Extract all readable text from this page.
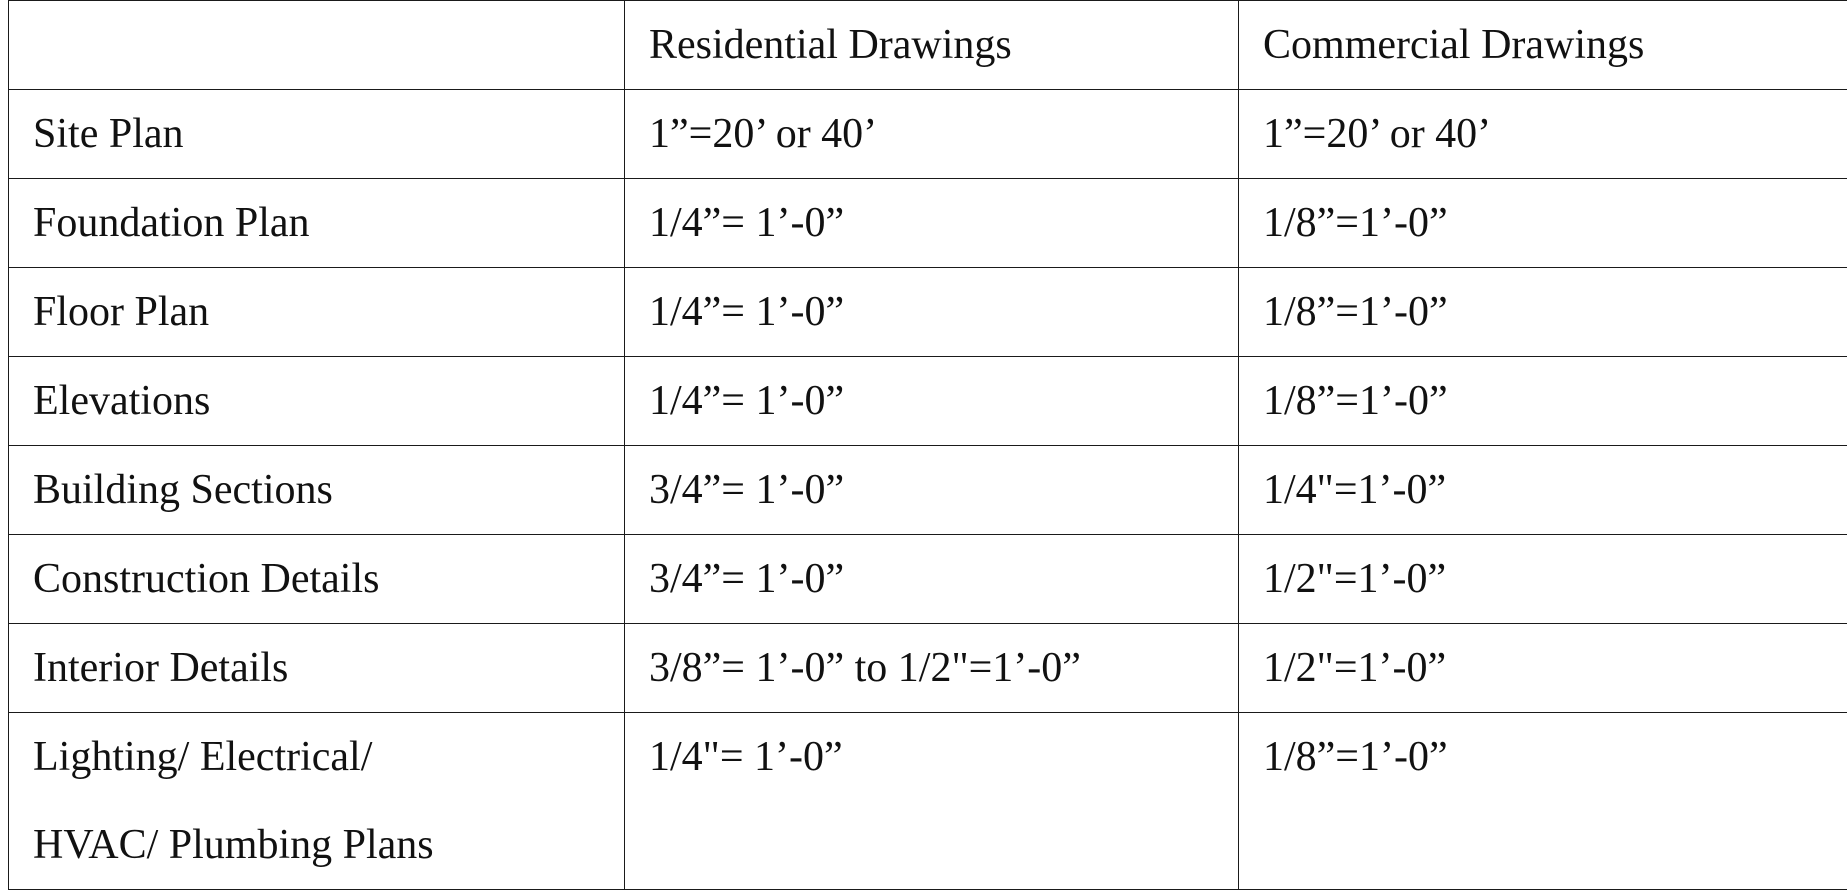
	Residential Drawings	Commercial Drawings
Site Plan	1”=20’ or 40’	1”=20’ or 40’
Foundation Plan	1/4”= 1’-0”	1/8”=1’-0”
Floor Plan	1/4”= 1’-0”	1/8”=1’-0”
Elevations	1/4”= 1’-0”	1/8”=1’-0”
Building Sections	3/4”= 1’-0”	1/4"=1’-0”
Construction Details	3/4”= 1’-0”	1/2"=1’-0”
Interior Details	3/8”= 1’-0” to 1/2"=1’-0”	1/2"=1’-0”

Lighting/ Electrical/
HVAC/ Plumbing Plans	1/4"= 1’-0”	1/8”=1’-0”
